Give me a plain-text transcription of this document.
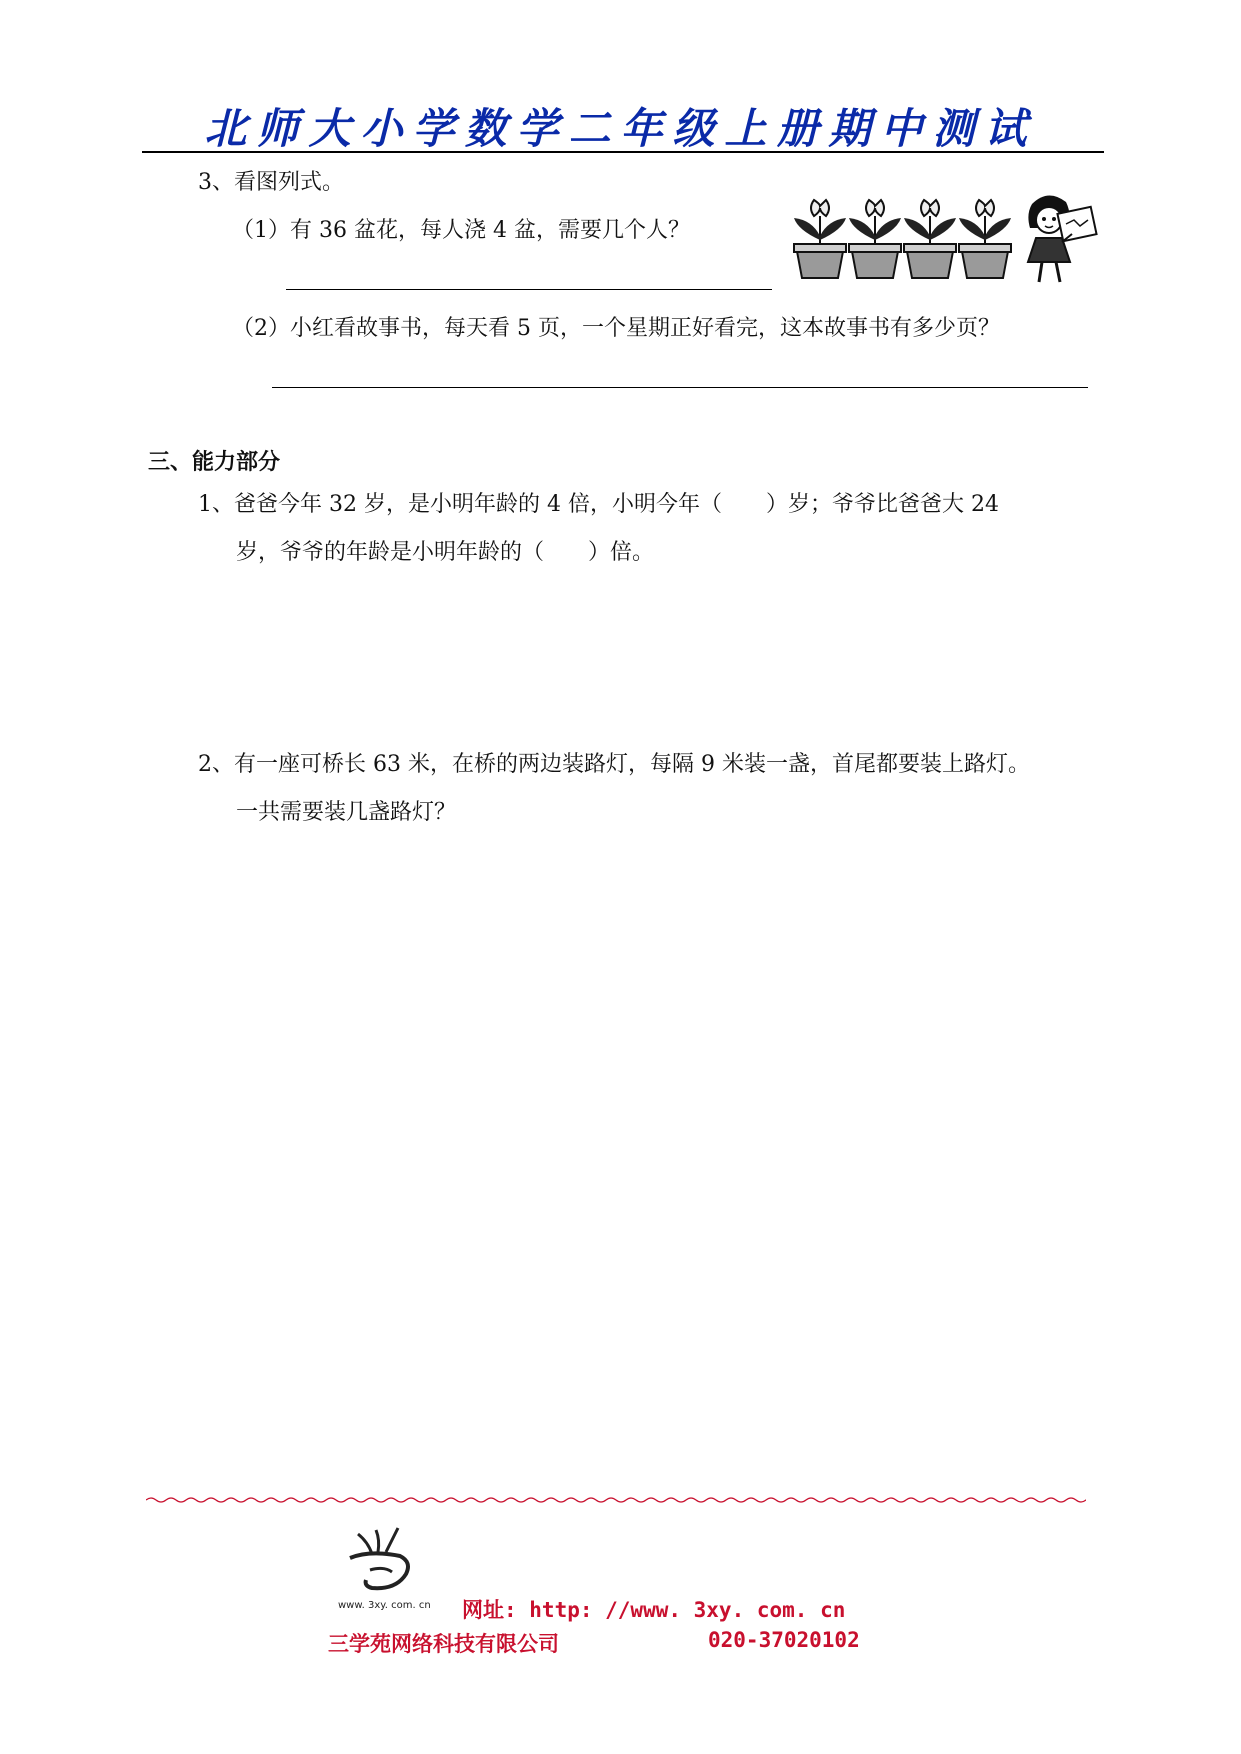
北师大小学数学二年级上册期中测试
3、看图列式。
（1）有 36 盆花，每人浇 4 盆，需要几个人？
（2）小红看故事书，每天看 5 页，一个星期正好看完，这本故事书有多少页？
三、能力部分
1、爸爸今年 32 岁，是小明年龄的 4 倍，小明今年（　　）岁；爷爷比爸爸大 24
岁，爷爷的年龄是小明年龄的（　　）倍。
2、有一座可桥长 63 米，在桥的两边装路灯，每隔 9 米装一盏，首尾都要装上路灯。
一共需要装几盏路灯？
www. 3xy. com. cn 网址: http: //www. 3xy. com. cn
三学苑网络科技有限公司	020-37020102
